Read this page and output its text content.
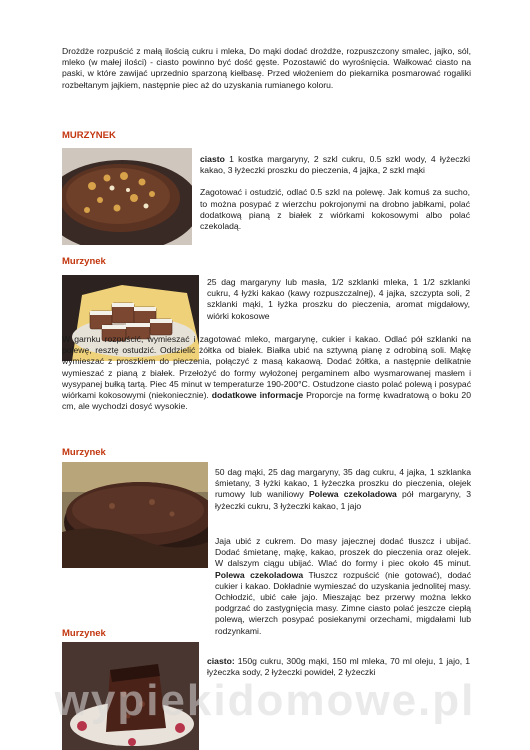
Drożdże rozpuścić z małą ilością cukru i mleka, Do mąki dodać drożdże, rozpuszczony smalec, jajko, sól, mleko (w małej ilości) - ciasto powinno być dość gęste. Pozostawić do wyrośnięcia. Wałkować ciasto na paski, w które zawijać uprzednio sparzoną kiełbasę. Przed włożeniem do piekarnika posmarować rogaliki rozbełtanym jajkiem, następnie piec aż do uzyskania rumianego koloru.

MURZYNEK

ciasto 1 kostka margaryny, 2 szkl cukru, 0.5 szkl wody, 4 łyżeczki kakao, 3 łyżeczki proszku do pieczenia, 4 jajka, 2 szkl mąki

Zagotować i ostudzić, odlać 0.5 szkl na polewę. Jak komuś za sucho, to można posypać z wierzchu pokrojonymi na drobno jabłkami, polać dodatkową pianą z białek z wiórkami kokosowymi albo polać czekoladą.

Murzynek

25 dag margaryny lub masła, 1/2 szklanki mleka, 1 1/2 szklanki cukru, 4 łyżki kakao (kawy rozpuszczalnej), 4 jajka, szczypta soli, 2 szklanki mąki, 1 łyżka proszku do pieczenia, aromat migdałowy, wiórki kokosowe

W garnku rozpuścić, wymieszać i zagotować mleko, margarynę, cukier i kakao. Odlać pół szklanki na polewę, resztę ostudzić. Oddzielić żółtka od białek. Białka ubić na sztywną pianę z odrobiną soli. Mąkę wymieszać z proszkiem do pieczenia, połączyć z masą kakaową. Dodać żółtka, a następnie delikatnie wymieszać z pianą z białek. Przełożyć do formy wyłożonej pergaminem albo wysmarowanej masłem i wysypanej bułką tartą. Piec 45 minut w temperaturze 190-200°C. Ostudzone ciasto polać polewą i posypać wiórkami kokosowymi (niekoniecznie). dodatkowe informacje Proporcje na formę kwadratową o boku 20 cm, ale wychodzi dosyć wysokie.

Murzynek

50 dag mąki, 25 dag margaryny, 35 dag cukru, 4 jajka, 1 szklanka śmietany, 3 łyżki kakao, 1 łyżeczka proszku do pieczenia, olejek rumowy lub waniliowy Polewa czekoladowa pół margaryny, 3 łyżeczki cukru, 3 łyżeczki kakao, 1 jajo

Jaja ubić z cukrem. Do masy jajecznej dodać tłuszcz i ubijać. Dodać śmietanę, mąkę, kakao, proszek do pieczenia oraz olejek. W dalszym ciągu ubijać. Wlać do formy i piec około 45 minut. Polewa czekoladowa Tłuszcz rozpuścić (nie gotować), dodać cukier i kakao. Dokładnie wymieszać do uzyskania jednolitej masy. Ochłodzić, ubić całe jajo. Mieszając bez przerwy można lekko podgrzać do zastygnięcia masy. Zimne ciasto polać jeszcze ciepłą polewą, wierzch posypać posiekanymi orzechami, migdałami lub rodzynkami.

Murzynek

ciasto: 150g cukru, 300g mąki, 150 ml mleka, 70 ml oleju, 1 jajo, 1 łyżeczka sody, 2 łyżeczki powideł, 2 łyżeczki

wypiekidomowe.pl
